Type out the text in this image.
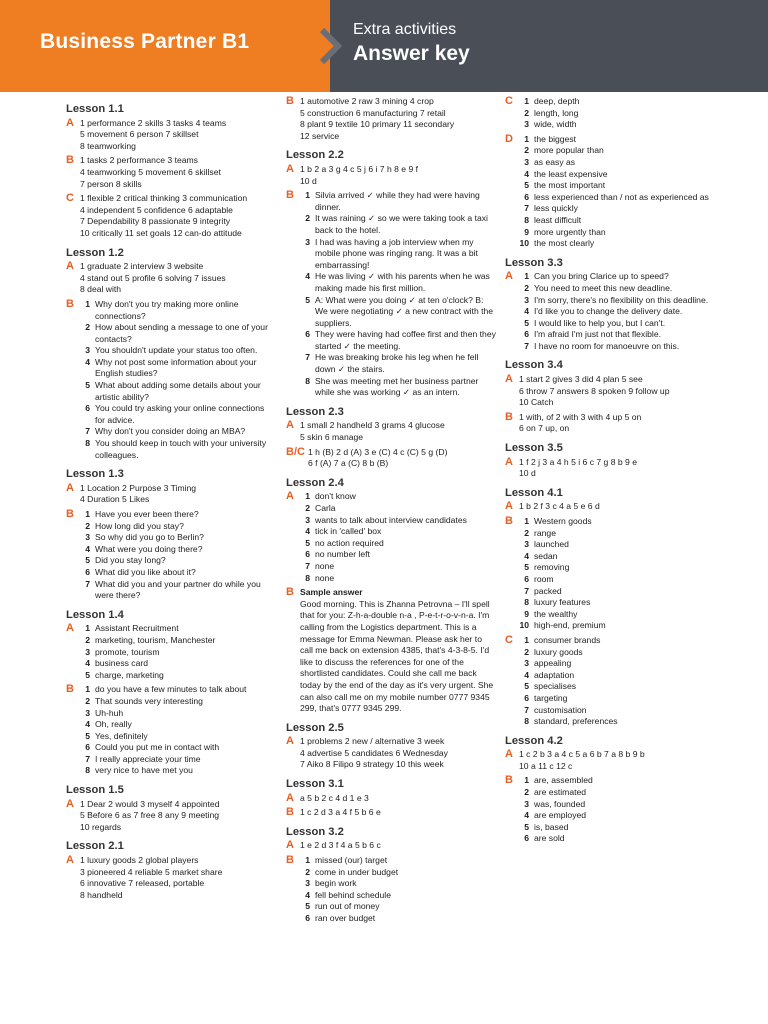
Business Partner B1
Extra activities
Answer key
Lesson 1.1
A 1 performance 2 skills 3 tasks 4 teams
5 movement 6 person 7 skillset
8 teamworking
B 1 tasks 2 performance 3 teams
4 teamworking 5 movement 6 skillset
7 person 8 skills
C 1 flexible 2 critical thinking 3 communication
4 independent 5 confidence 6 adaptable
7 Dependability 8 passionate 9 integrity
10 critically 11 set goals 12 can-do attitude
Lesson 1.2
A 1 graduate 2 interview 3 website
4 stand out 5 profile 6 solving 7 issues
8 deal with
B	1 Why don't you try making more online connections?
2 How about sending a message to one of your contacts?
3 You shouldn't update your status too often.
4 Why not post some information about your English studies?
5 What about adding some details about your artistic ability?
6 You could try asking your online connections for advice.
7 Why don't you consider doing an MBA?
8 You should keep in touch with your university colleagues.
Lesson 1.3
A 1 Location 2 Purpose 3 Timing
4 Duration 5 Likes
B	1 Have you ever been there?
2 How long did you stay?
3 So why did you go to Berlin?
4 What were you doing there?
5 Did you stay long?
6 What did you like about it?
7 What did you and your partner do while you were there?
Lesson 1.4
A	1 Assistant Recruitment
2 marketing, tourism, Manchester
3 promote, tourism
4 business card
5 charge, marketing
B	1 do you have a few minutes to talk about
2 That sounds very interesting
3 Uh-huh
4 Oh, really
5 Yes, definitely
6 Could you put me in contact with
7 I really appreciate your time
8 very nice to have met you
Lesson 1.5
A 1 Dear 2 would 3 myself 4 appointed
5 Before 6 as 7 free 8 any 9 meeting
10 regards
Lesson 2.1
A 1 luxury goods 2 global players
3 pioneered 4 reliable 5 market share
6 innovative 7 released, portable
8 handheld
B 1 automotive 2 raw 3 mining 4 crop
5 construction 6 manufacturing 7 retail
8 plant 9 textile 10 primary 11 secondary
12 service
Lesson 2.2
A 1 b 2 a 3 g 4 c 5 j 6 i 7 h 8 e 9 f
10 d
B	1 Silvia arrived ✓ while they had were having dinner.
2 It was raining ✓ so we were taking took a taxi back to the hotel.
3 I had was having a job interview when my mobile phone was ringing rang. It was a bit embarrassing!
4 He was living ✓ with his parents when he was making made his first million.
5 A: What were you doing ✓ at ten o'clock? B: We were negotiating ✓ a new contract with the suppliers.
6 They were having had coffee first and then they started ✓ the meeting.
7 He was breaking broke his leg when he fell down ✓ the stairs.
8 She was meeting met her business partner while she was working ✓ as an intern.
Lesson 2.3
A 1 small 2 handheld 3 grams 4 glucose
5 skin 6 manage
B/C 1 h (B) 2 d (A) 3 e (C) 4 c (C) 5 g (D)
6 f (A) 7 a (C) 8 b (B)
Lesson 2.4
A	1 don't know
2 Carla
3 wants to talk about interview candidates
4 tick in 'called' box
5 no action required
6 no number left
7 none
8 none
B Sample answer
Good morning. This is Zhanna Petrovna – I'll spell that for you: Z-h-a-double n-a , P-e-t-r-o-v-n-a. I'm calling from the Logistics department. This is a message for Emma Newman. Please ask her to call me back on extension 4385, that's 4-3-8-5. I'd like to discuss the references for one of the shortlisted candidates. Could she call me back today by the end of the day as it's very urgent. She can also call me on my mobile number 0777 9345 299, that's 0777 9345 299.
Lesson 2.5
A 1 problems 2 new / alternative 3 week
4 advertise 5 candidates 6 Wednesday
7 Aiko 8 Filipo 9 strategy 10 this week
Lesson 3.1
A a 5 b 2 c 4 d 1 e 3
B 1 c 2 d 3 a 4 f 5 b 6 e
Lesson 3.2
A 1 e 2 d 3 f 4 a 5 b 6 c
B	1 missed (our) target
2 come in under budget
3 begin work
4 fell behind schedule
5 run out of money
6 ran over budget
C	1 deep, depth
2 length, long
3 wide, width
D	1 the biggest
2 more popular than
3 as easy as
4 the least expensive
5 the most important
6 less experienced than / not as experienced as
7 less quickly
8 least difficult
9 more urgently than
10 the most clearly
Lesson 3.3
A	1 Can you bring Clarice up to speed?
2 You need to meet this new deadline.
3 I'm sorry, there's no flexibility on this deadline.
4 I'd like you to change the delivery date.
5 I would like to help you, but I can't.
6 I'm afraid I'm just not that flexible.
7 I have no room for manoeuvre on this.
Lesson 3.4
A 1 start 2 gives 3 did 4 plan 5 see
6 throw 7 answers 8 spoken 9 follow up
10 Catch
B 1 with, of 2 with 3 with 4 up 5 on
6 on 7 up, on
Lesson 3.5
A 1 f 2 j 3 a 4 h 5 i 6 c 7 g 8 b 9 e
10 d
Lesson 4.1
A 1 b 2 f 3 c 4 a 5 e 6 d
B	1 Western goods
2 range
3 launched
4 sedan
5 removing
6 room
7 packed
8 luxury features
9 the wealthy
10 high-end, premium
C	1 consumer brands
2 luxury goods
3 appealing
4 adaptation
5 specialises
6 targeting
7 customisation
8 standard, preferences
Lesson 4.2
A 1 c 2 b 3 a 4 c 5 a 6 b 7 a 8 b 9 b
10 a 11 c 12 c
B	1 are, assembled
2 are estimated
3 was, founded
4 are employed
5 is, based
6 are sold
